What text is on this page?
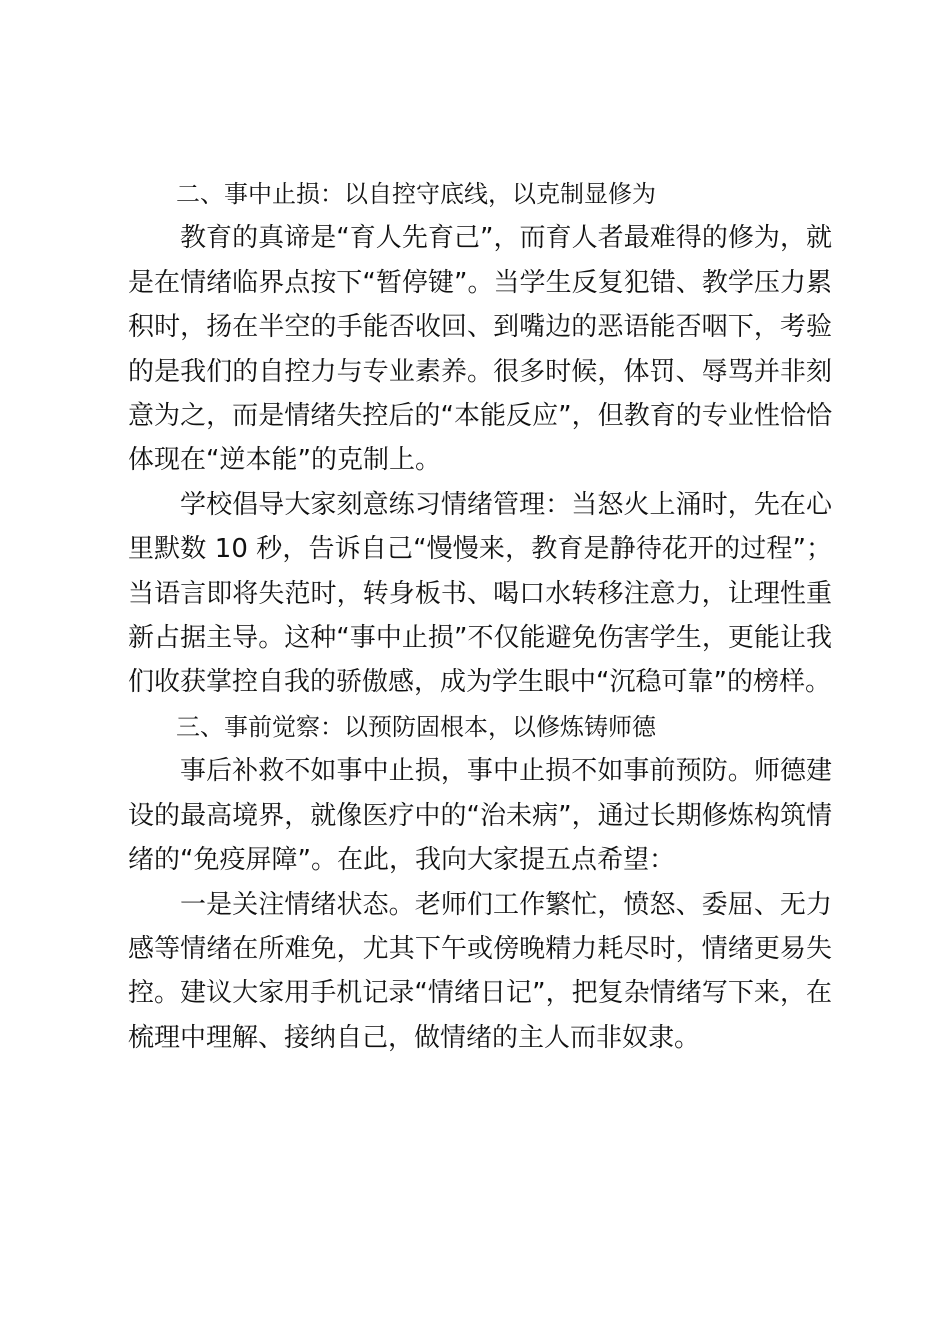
二、事中止损：以自控守底线，以克制显修为

教育的真谛是“育人先育己”，而育人者最难得的修为，就是在情绪临界点按下“暂停键”。当学生反复犯错、教学压力累积时，扬在半空的手能否收回、到嘴边的恶语能否咽下，考验的是我们的自控力与专业素养。很多时候，体罚、辱骂并非刻意为之，而是情绪失控后的“本能反应”，但教育的专业性恰恰体现在“逆本能”的克制上。

学校倡导大家刻意练习情绪管理：当怒火上涌时，先在心里默数 10 秒，告诉自己“慢慢来，教育是静待花开的过程”；当语言即将失范时，转身板书、喝口水转移注意力，让理性重新占据主导。这种“事中止损”不仅能避免伤害学生，更能让我们收获掌控自我的骄傲感，成为学生眼中“沉稳可靠”的榜样。

三、事前觉察：以预防固根本，以修炼铸师德

事后补救不如事中止损，事中止损不如事前预防。师德建设的最高境界，就像医疗中的“治未病”，通过长期修炼构筑情绪的“免疫屏障”。在此，我向大家提五点希望：

一是关注情绪状态。老师们工作繁忙，愤怒、委屈、无力感等情绪在所难免，尤其下午或傍晚精力耗尽时，情绪更易失控。建议大家用手机记录“情绪日记”，把复杂情绪写下来，在梳理中理解、接纳自己，做情绪的主人而非奴隶。
